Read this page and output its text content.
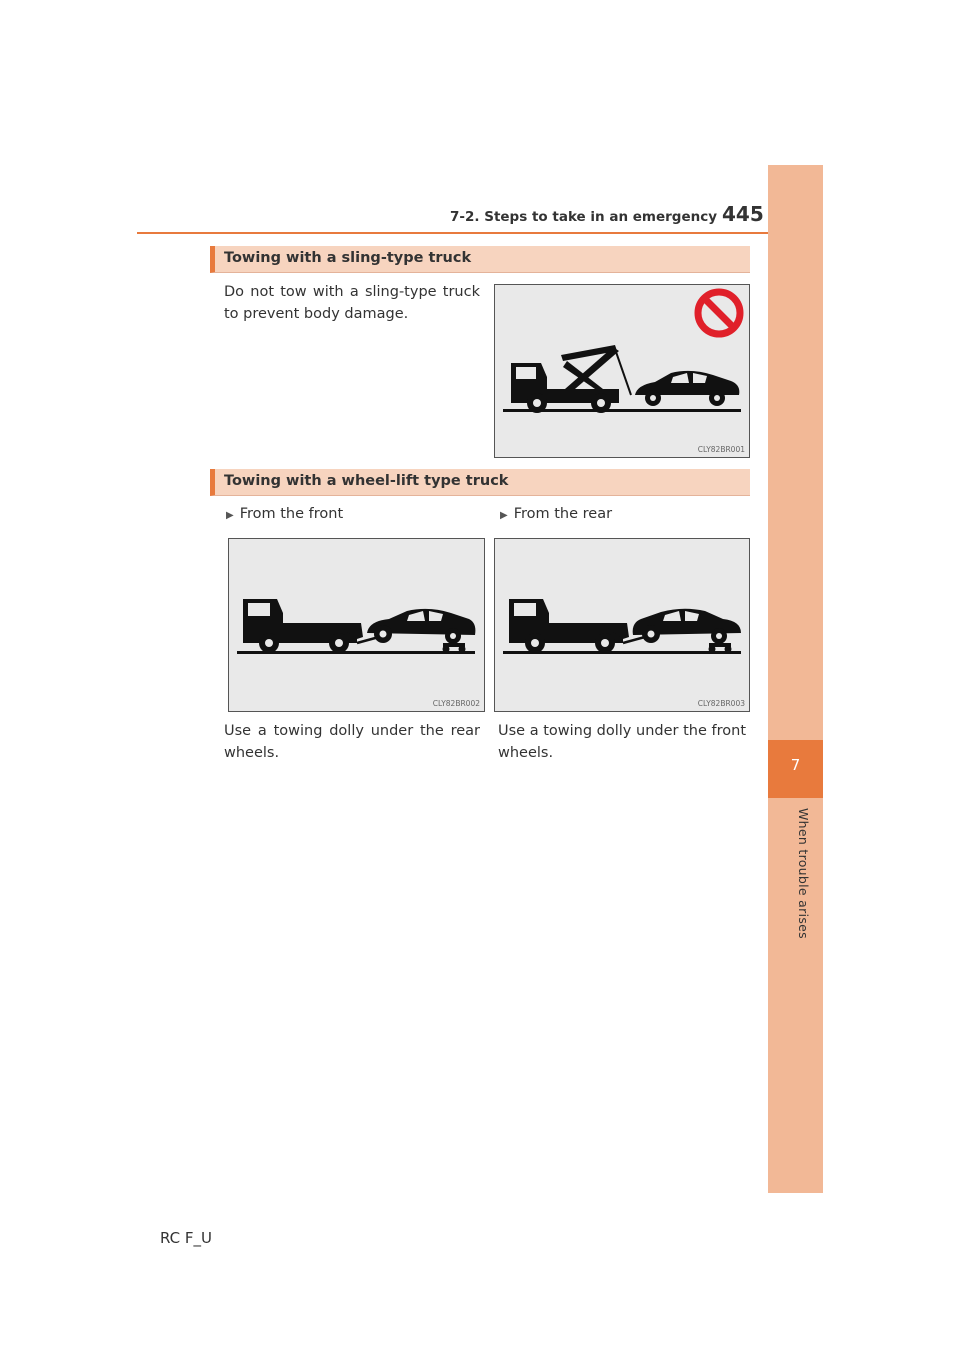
7-2. Steps to take in an emergency 445
7
When trouble arises
Towing with a sling-type truck
Do not tow with a sling-type truck to prevent body damage.
CLY82BR001
Towing with a wheel-lift type truck
▶ From the front	▶ From the rear
CLY82BR002	CLY82BR003
Use a towing dolly under the rear wheels.
Use a towing dolly under the front wheels.
RC F_U
